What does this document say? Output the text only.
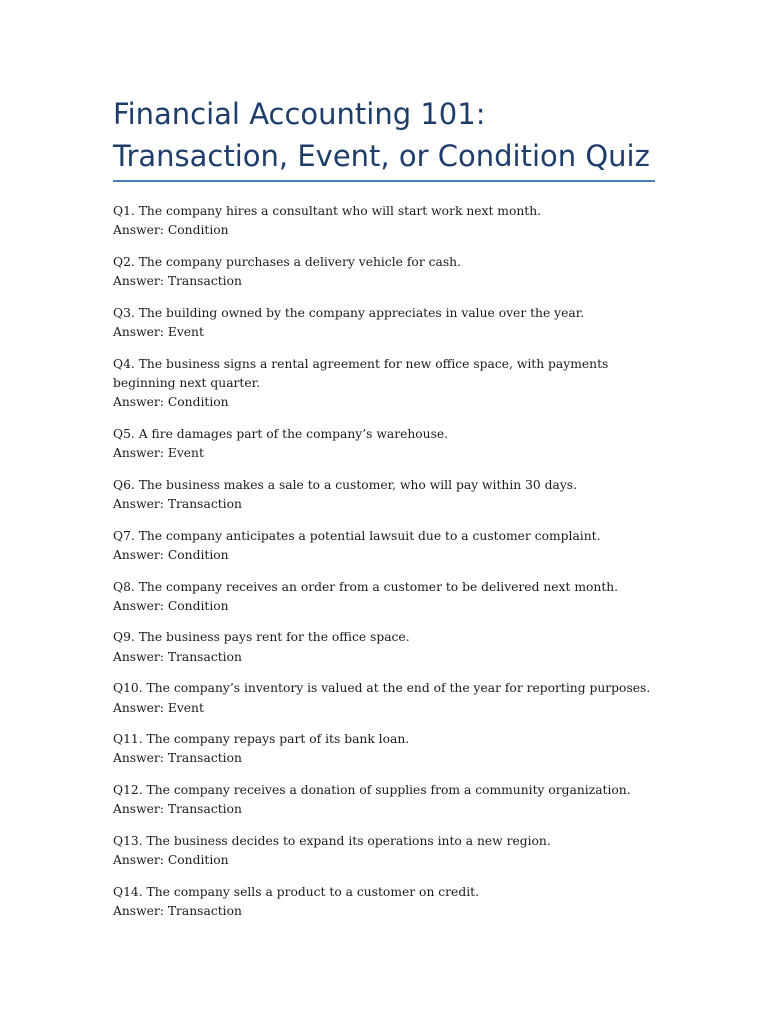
Financial Accounting 101: Transaction, Event, or Condition Quiz

Q1. The company hires a consultant who will start work next month.

Answer: Condition

Q2. The company purchases a delivery vehicle for cash.

Answer: Transaction

Q3. The building owned by the company appreciates in value over the year.

Answer: Event

Q4. The business signs a rental agreement for new office space, with payments beginning next quarter.

Answer: Condition

Q5. A fire damages part of the company’s warehouse.

Answer: Event

Q6. The business makes a sale to a customer, who will pay within 30 days.

Answer: Transaction

Q7. The company anticipates a potential lawsuit due to a customer complaint.

Answer: Condition

Q8. The company receives an order from a customer to be delivered next month.

Answer: Condition

Q9. The business pays rent for the office space.

Answer: Transaction

Q10. The company’s inventory is valued at the end of the year for reporting purposes.

Answer: Event

Q11. The company repays part of its bank loan.

Answer: Transaction

Q12. The company receives a donation of supplies from a community organization.

Answer: Transaction

Q13. The business decides to expand its operations into a new region.

Answer: Condition

Q14. The company sells a product to a customer on credit.

Answer: Transaction
